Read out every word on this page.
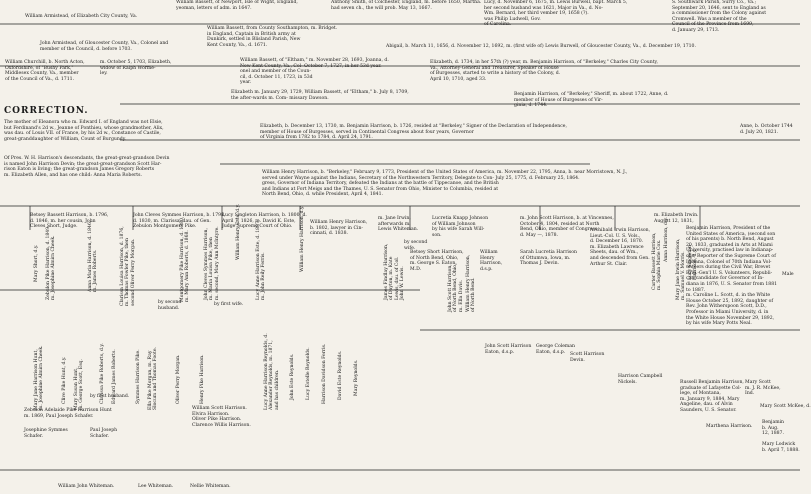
William Bassett, of Newport, Isle of Wight, England,
yeoman, letters of adm. in 1647.
Anthony Smith, of Colchester, England, m. before 1650, Martha.
had seven ch., the will prob. May 13, 1667.
Lucy, d. November 6, 1675, m. Lewis Burwell, bapt. March 5,
her second husband was 1621, Major in Va., d. No-
Wm. Bernard, her third vember 19, 1658 (?).
was Philip Ludwell, Gov.
of Carolina.
S. Southwark Parish, Surry Co., Va.;
September 20, 1646, sent to England as
a commissioner from the Colony against
Cromwell. Was a member of the
Council of the Province from 1699,
d. January 29, 1713.
William Armistead, of Elizabeth City County, Va.
William Bassett, from County Southampton, m. Bridget.
in England, Captain in British army at
Dunkirk, settled in Blisland Parish, New
Kent County, Va., d. 1671.
John Armistead, of Gloucester County, Va., Colonel and
member of the Council, d. before 1703.
Abigail, b. March 11, 1656, d. November 12, 1692, m. (first wife of) Lewis Burwell, of Gloucester County, Va., d. December 19, 1710.
William Churchill, b. North Acton,
Oxfordshire, of "Bushy Park,"
Middlesex County, Va., member
of the Council of Va., d. 1711.
m. October 5, 1703, Elizabeth,
widow of Ralph Worme-
ley.
William Bassett, of "Eltham," m. November 28, 1693, Joanna, d.
New Kent County, Va., Col- October 7, 1727, in her 53d year.
onel and member of the Coun-
cil, d. October 11, 1723, in 53d
year.
Elizabeth, d. 1734, in her 57th (?) year, m. Benjamin Harrison, of "Berkeley," Charles City County,
Va., Attorney-General and Treasurer, Speaker of House
of Burgesses, started to write a history of the Colony, d.
April 10, 1710, aged 33.
Elizabeth m. January 29, 1729, William Bassett, of "Eltham," b. July 8, 1709,
the after-wards m. Com- missary Dawson.
Benjamin Harrison, of "Berkeley," Sheriff, m. about 1722, Anne, d.
member of House of Burgesses of Vir-
ginia, d. 1744.
Elizabeth, b. December 13, 1730, m. Benjamin Harrison, b. 1726, resided at "Berkeley," Signer of the Declaration of Independence,
member of House of Burgesses, served in Continental Congress about four years, Governor
of Virginia from 1782 to 1784, d. April 24, 1791.
Anne, b. October 1744
d. July 20, 1821.
William Henry Harrison, b. "Berkeley," February 9, 1773, President of the United States of America, m. November 22, 1795, Anna, b. near Morristown, N. J.,
served under Wayne against the Indians, Secretary of the Northwestern Territory, Delegate to Con- July 25, 1775, d. February 25, 1864.
gress, Governor of Indiana Territory, defeated the Indians at the battle of Tippecanoe, and the British
and Indians at Fort Meigs and the Thames, U. S. Senator from Ohio, Minister to Columbia, resided at
North Bend, Ohio, d. while President, April 4, 1841.
CORRECTION.
The mother of Eleanora who m. Edward I. of England was not Elsie,
but Ferdinand's 2d w., Jeanne of Ponthieu, whose grandmother, Alix,
was dau. of Louis VII. of France, by his 2d w., Constance of Castile,
great-granddaughter of William, Count of Burgundy.
Of Pres. W. H. Harrison's descendants, the great-great-grandson Devin
is named John Harrison Devin; the great-great-grandson Scott Har-
rison Eaton is living; the great-grandson James Gregory Roberts
m. Elizabeth Allen, and has one child: Anna Maria Roberts.
Betsey Bassett Harrison, b. 1796,
d. 1846, m. her cousin, John
Cleves Short, Judge.
John Cleves Symmes Harrison, b. 1798,
d. 1830, m. Clarissa, dau. of Gen.
Zebulon Montgomery Pike.
Lucy Singleton Harrison, b. 1800, d.
April 7, 1826, m. David K. Este,
Judge Supreme Court of Ohio.
William Henry Harrison,
b. 1802, lawyer in Cin-
cinnati, d. 1838.
m. Jane Irwin,
afterwards m.
Lewis Whiteman.
Lucretia Knapp Johnson
of William Johnson
by his wife Sarah Will-
son.
m. John Scott Harrison, b. at Vincennes,
October 4, 1804, resided at North
Bend, Ohio, member of Congress,
d. May —, 1878.
m. Elizabeth Irwin.
August 12, 1831,
Benjamin Harrison, President of the
United States of America, (second son
of his parents) b. North Bend, August
20, 1833, graduated in Arts at Miami
University, practised law in Indianap-
olis, Reporter of the Supreme Court of
Indiana, Colonel of 70th Indiana Vol-
unteers during the Civil War, Brevet
Brig.-Gen'l U. S. Volunteers, Republi-
can candidate for Governor of In-
diana in 1876, U. S. Senator from 1881
to 1887.
m. Caroline L. Scott, d. in the White
House October 25, 1892, daughter of
Rev. John Witherspoon Scott, D.D.,
Professor in Miami University, d. in
the White House November 29, 1892,
by his wife Mary Potts Neal.
Betsey Short Harrison,
of North Bend, Ohio,
m. George S. Eaton,
M.D.
William
Henry
Harrison,
d.s.p.
Sarah Lucretia Harrison
of Ottumwa, Iowa, m.
Thomas J. Devin.
Archibald Irwin Harrison,
Lieut.-Col. U. S. Vols.,
d. December 16, 1870.
m. Elizabeth Lawrence
Sheets, dau. of Wm.,
and descended from Gen.
Arthur St. Clair.
John Scott Harrison
Eaton, d.s.p.
George Coleman
Eaton, d.s.p.	Scott Harrison
Devin.
Harrison Campbell
Nickels.	Russell Benjamin Harrison,
graduate of Lafayette Col-
lege, of Montana,
m. January 9, 1884, Mary
Angeline, dau. of Alvin
Saunders, U. S. Senator.
Marthena Harrison.
Mary Scott
m. J. R. McKee,
Ind.
Mary Short, d.y.
Zebulon Pike Harrison, d. 1849,
m. Josephine Almira Cheek.
Anna Maria Harrison, d. 1846,
m. James Roberts.
Clarissa Louisa Harrison, d. 1876,
m. Thomas Fowler Pike, then
second Oliver Perry Morgan.
Montgomery Pike Harrison, d. 1880,
m. Mary Ann Roberts, d. 1868.
John Cleves Symmes Harrison,
m. Maria Louisa Pike, then
m. second, Mary Ann McIntyre.	William Henry Este, d.y.
Lucy Anne Harrison Este, d. 1887,
m. John Reily Ferris.	William Henry Harrison, d.y.
James Findlay Harrison,
of Dayton, m. Kate
Lewis, dau. of Col.
John W. Lewis.
John Scott Harrison,
of North Bend, Ohio,
m. Ella Davis.
William Henry Harrison,
of North Bend.	Carter Bassett Harrison,
m. Sophia Marie Cox. Anna Harrison, d.y.
Mary Jane Irwin Harrison,
m. Samuel V. Morris.
Lucy Singleton
Harrison, d.y.
Mary Jane Harrison Hunt,
m. Josephine Almira Cheek.
Clive Pike Hunt, d.y. Mary Susan Hunt,
m. George Scott, Esq.	Clarissa Pike Roberts, d.y. Edward James Roberts.	Symmes Harrison Pike.
Ella Pike Morgan, m. Ray
Slocum and Thomas Foote.
Oliver Perry Morgan.	Henry Pike Harrison.
Lucy Anne Harrison Reynolds, d.
Alexander Reynolds, m. 1871,
and has children. John Este Reynolds. Lucy Estelle Reynolds. Harrison Davidson Ferris. David Este Reynolds. Mary Reynolds.
Zebulon Adelaide Pike Harrison Hunt
m. 1869, Paul Joseph Schafer.
Josephine Symmes
Schafer.
Paul Joseph
Schafer.
William Scott Harrison.
Elvira Harrison.
Oliver Pike Harrison.
Clarence Willis Harrison.
William John Whiteman.	Lee Whiteman.	Nellie Whiteman.
by first husband.
by second
wife.
by first wife.
by second
husband.
Benjamin
b. Aug.
12, 1887.
Mary Lodwick
b. April 7, 1888.
Mary Scott McKee, d.
Male
